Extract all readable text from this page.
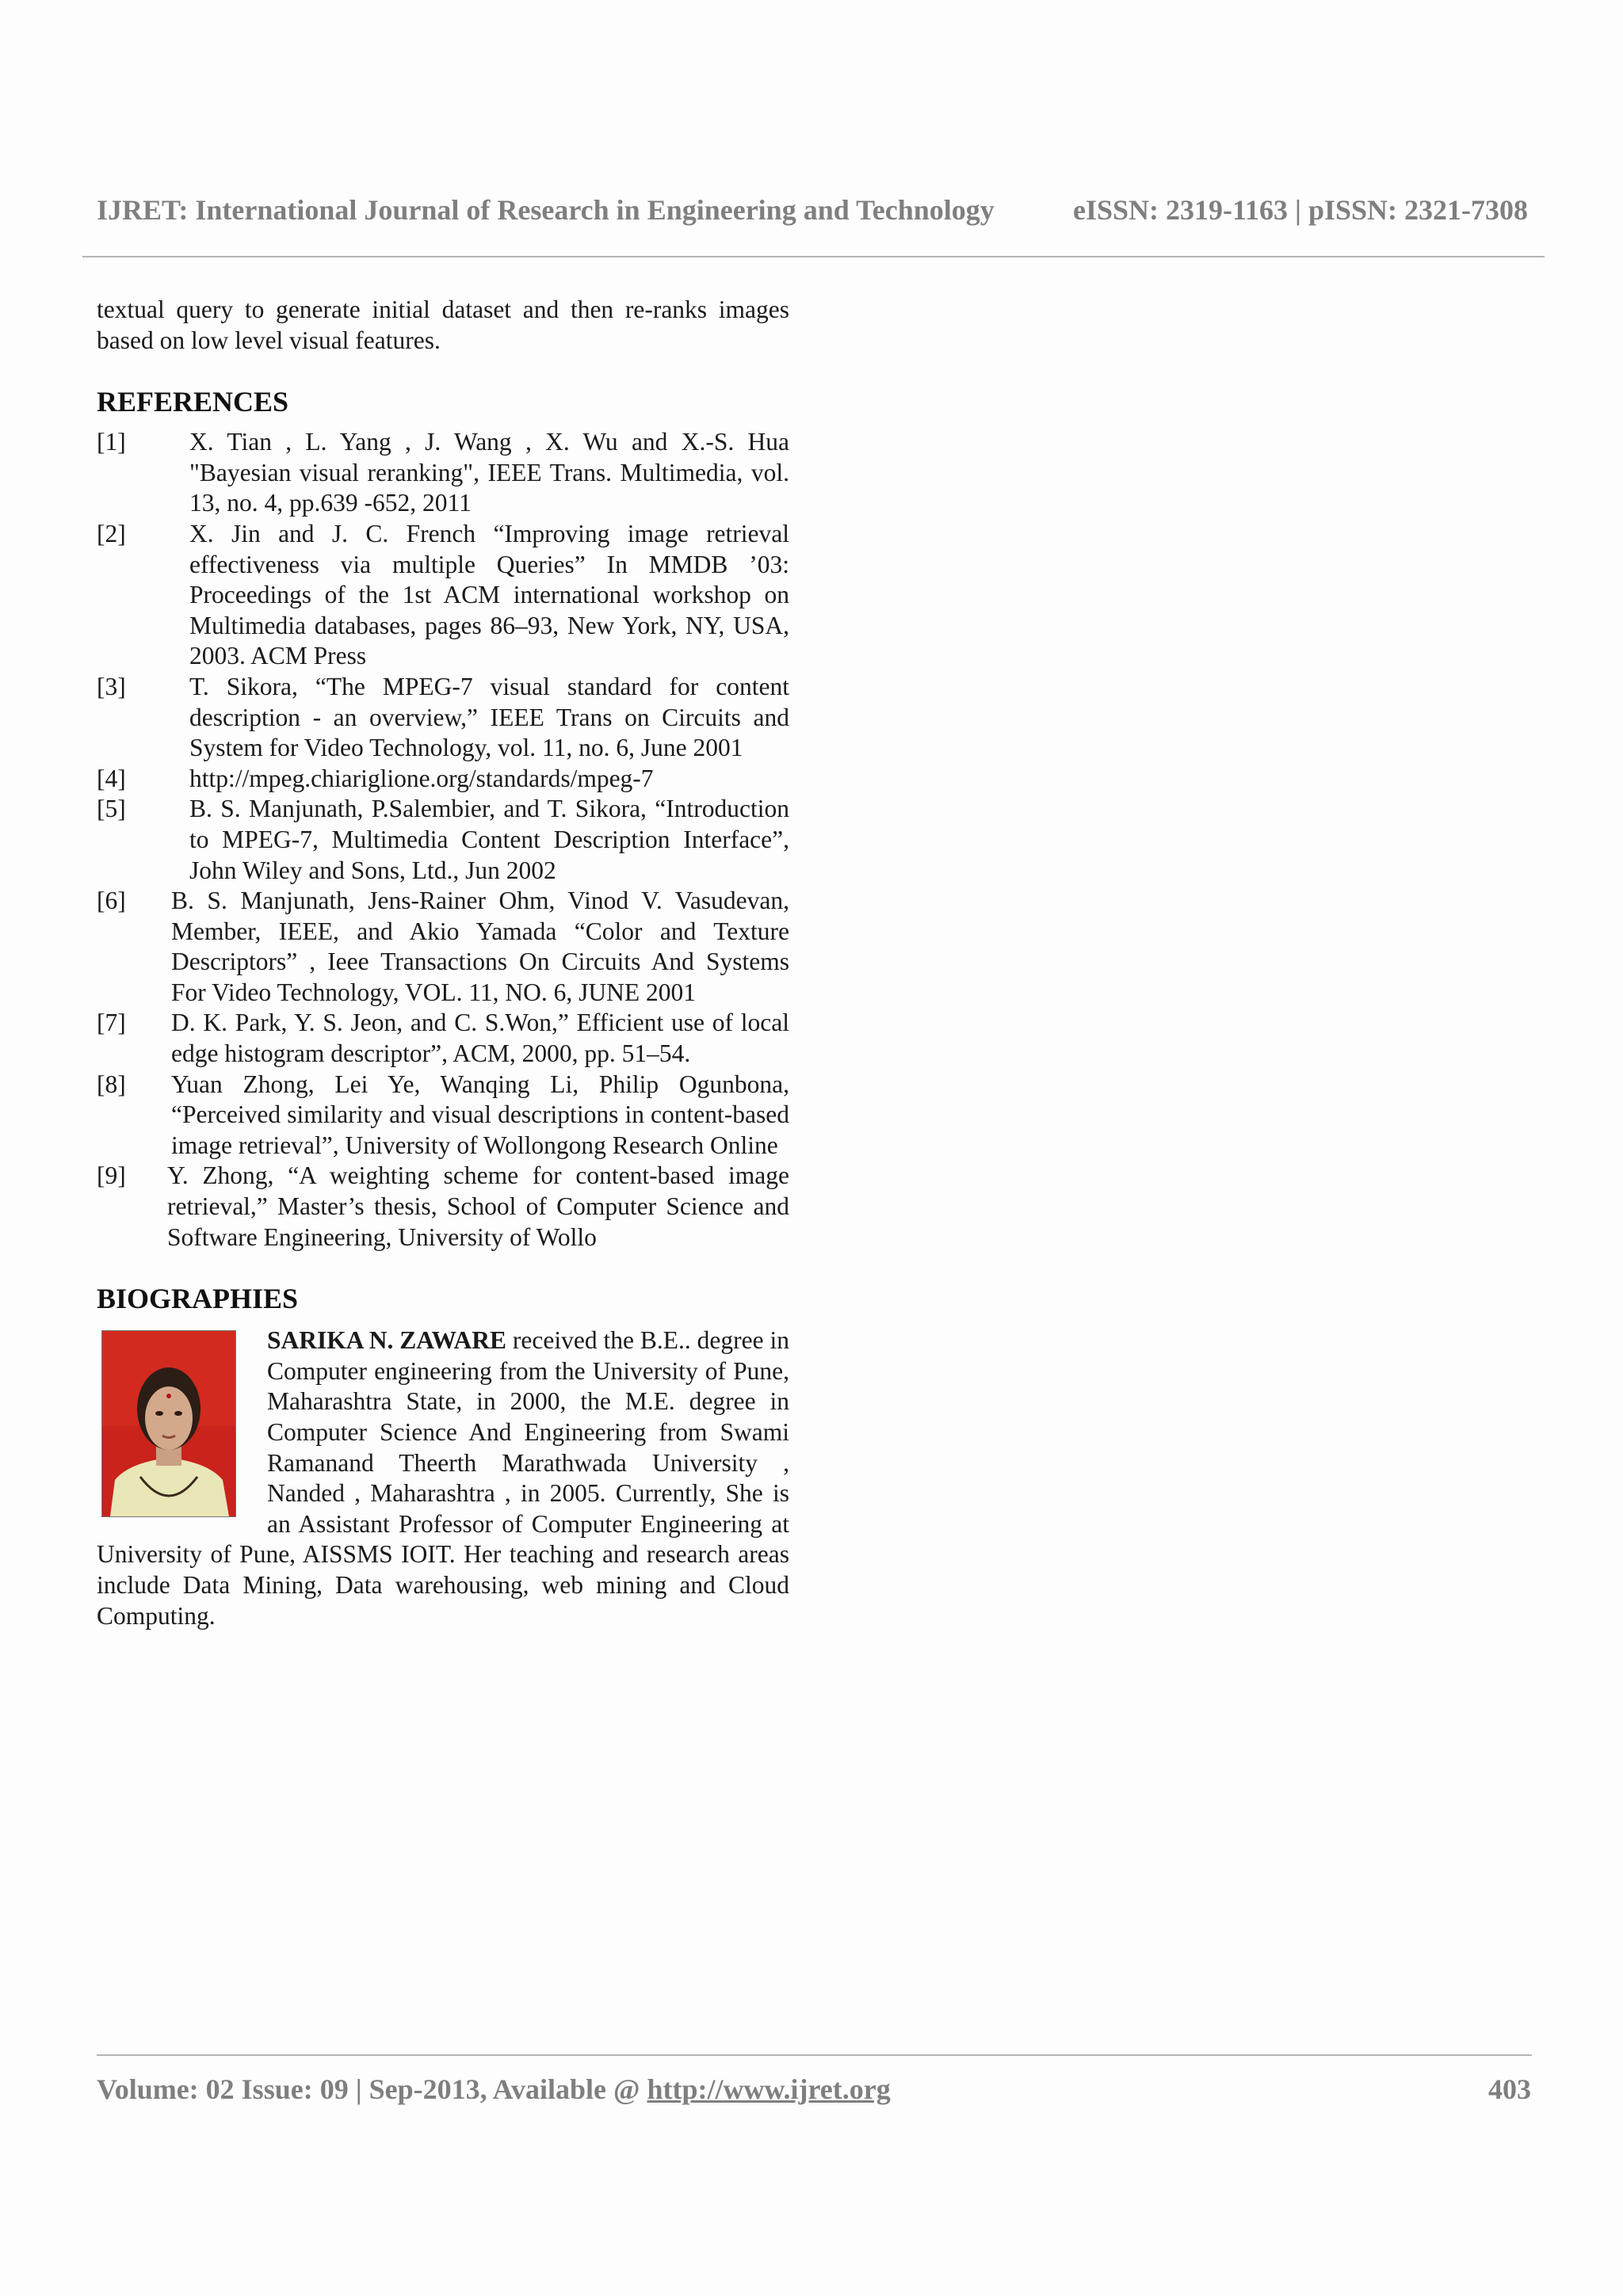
IJRET: International Journal of Research in Engineering and Technology	eISSN: 2319-1163 | pISSN: 2321-7308

textual query to generate initial dataset and then re-ranks images based on low level visual features.

REFERENCES
[1]	X. Tian , L. Yang , J. Wang , X. Wu and X.-S. Hua "Bayesian visual reranking", IEEE Trans. Multimedia, vol. 13, no. 4, pp.639 -652, 2011
[2]	X. Jin and J. C. French “Improving image retrieval effectiveness via multiple Queries” In MMDB ’03: Proceedings of the 1st ACM international workshop on Multimedia databases, pages 86–93, New York, NY, USA, 2003. ACM Press
[3]	T. Sikora, “The MPEG-7 visual standard for content description - an overview,” IEEE Trans on Circuits and System for Video Technology, vol. 11, no. 6, June 2001
[4]	http://mpeg.chiariglione.org/standards/mpeg-7
[5]	B. S. Manjunath, P.Salembier, and T. Sikora, “Introduction to MPEG-7, Multimedia Content Description Interface”, John Wiley and Sons, Ltd., Jun 2002
[6] B. S. Manjunath, Jens-Rainer Ohm, Vinod V. Vasudevan, Member, IEEE, and Akio Yamada “Color and Texture Descriptors” , Ieee Transactions On Circuits And Systems For Video Technology, VOL. 11, NO. 6, JUNE 2001
[7] D. K. Park, Y. S. Jeon, and C. S.Won,” Efficient use of local edge histogram descriptor”, ACM, 2000, pp. 51–54.
[8] Yuan Zhong, Lei Ye, Wanqing Li, Philip Ogunbona, “Perceived similarity and visual descriptions in content-based image retrieval”, University of Wollongong Research Online
[9] Y. Zhong, “A weighting scheme for content-based image retrieval,” Master’s thesis, School of Computer Science and Software Engineering, University of Wollo
BIOGRAPHIES
SARIKA N. ZAWARE received the B.E.. degree in Computer engineering from the University of Pune, Maharashtra State, in 2000, the M.E. degree in Computer Science And Engineering from Swami Ramanand Theerth Marathwada University , Nanded , Maharashtra , in 2005. Currently, She is an Assistant Professor of Computer Engineering at University of Pune, AISSMS IOIT. Her teaching and research areas include Data Mining, Data warehousing, web mining and Cloud Computing.
Volume: 02 Issue: 09 | Sep-2013, Available @ http://www.ijret.org	403
